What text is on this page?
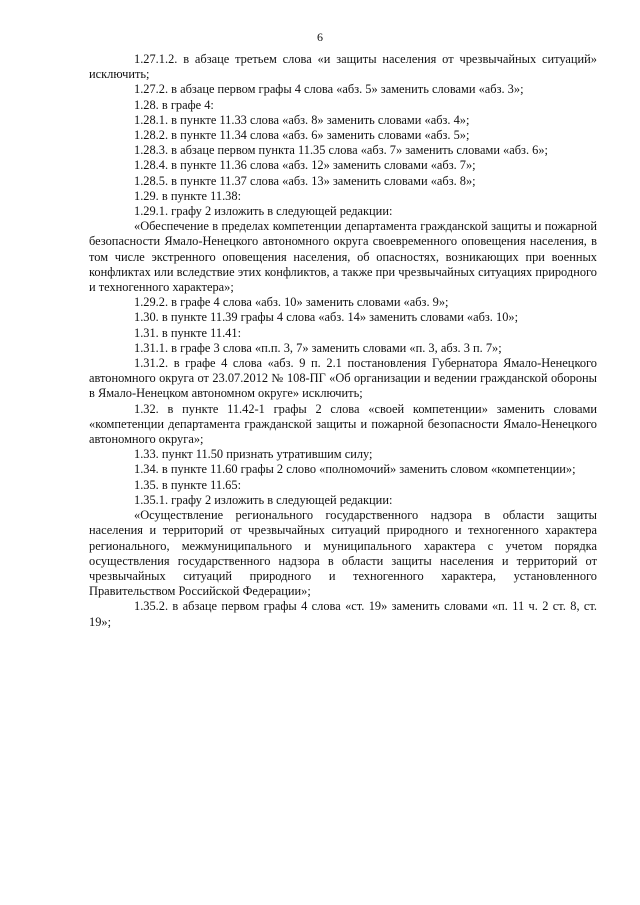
6

1.27.1.2. в абзаце третьем слова «и защиты населения от чрезвычайных ситуаций» исключить;

1.27.2. в абзаце первом графы 4 слова «абз. 5» заменить словами «абз. 3»;

1.28. в графе 4:

1.28.1. в пункте 11.33 слова «абз. 8» заменить словами «абз. 4»;

1.28.2. в пункте 11.34 слова «абз. 6» заменить словами «абз. 5»;

1.28.3. в абзаце первом пункта 11.35 слова «абз. 7» заменить словами «абз. 6»;

1.28.4. в пункте 11.36 слова «абз. 12» заменить словами «абз. 7»;

1.28.5. в пункте 11.37 слова «абз. 13» заменить словами «абз. 8»;

1.29. в пункте 11.38:

1.29.1. графу 2 изложить в следующей редакции:

«Обеспечение в пределах компетенции департамента гражданской защиты и пожарной безопасности Ямало-Ненецкого автономного округа своевременного оповещения населения, в том числе экстренного оповещения населения, об опасностях, возникающих при военных конфликтах или вследствие этих конфликтов, а также при чрезвычайных ситуациях природного и техногенного характера»;

1.29.2. в графе 4 слова «абз. 10» заменить словами «абз. 9»;

1.30. в пункте 11.39 графы 4 слова «абз. 14» заменить словами «абз. 10»;

1.31. в пункте 11.41:

1.31.1. в графе 3 слова «п.п. 3, 7» заменить словами «п. 3, абз. 3 п. 7»;

1.31.2. в графе 4 слова «абз. 9 п. 2.1 постановления Губернатора Ямало-Ненецкого автономного округа от 23.07.2012 № 108-ПГ «Об организации и ведении гражданской обороны в Ямало-Ненецком автономном округе» исключить;

1.32. в пункте 11.42-1 графы 2 слова «своей компетенции» заменить словами «компетенции департамента гражданской защиты и пожарной безопасности Ямало-Ненецкого автономного округа»;

1.33. пункт 11.50 признать утратившим силу;

1.34. в пункте 11.60 графы 2 слово «полномочий» заменить словом «компетенции»;

1.35. в пункте 11.65:

1.35.1. графу 2 изложить в следующей редакции:

«Осуществление регионального государственного надзора в области защиты населения и территорий от чрезвычайных ситуаций природного и техногенного характера регионального, межмуниципального и муниципального характера с учетом порядка осуществления государственного надзора в области защиты населения и территорий от чрезвычайных ситуаций природного и техногенного характера, установленного Правительством Российской Федерации»;

1.35.2. в абзаце первом графы 4 слова «ст. 19» заменить словами «п. 11 ч. 2 ст. 8, ст. 19»;
